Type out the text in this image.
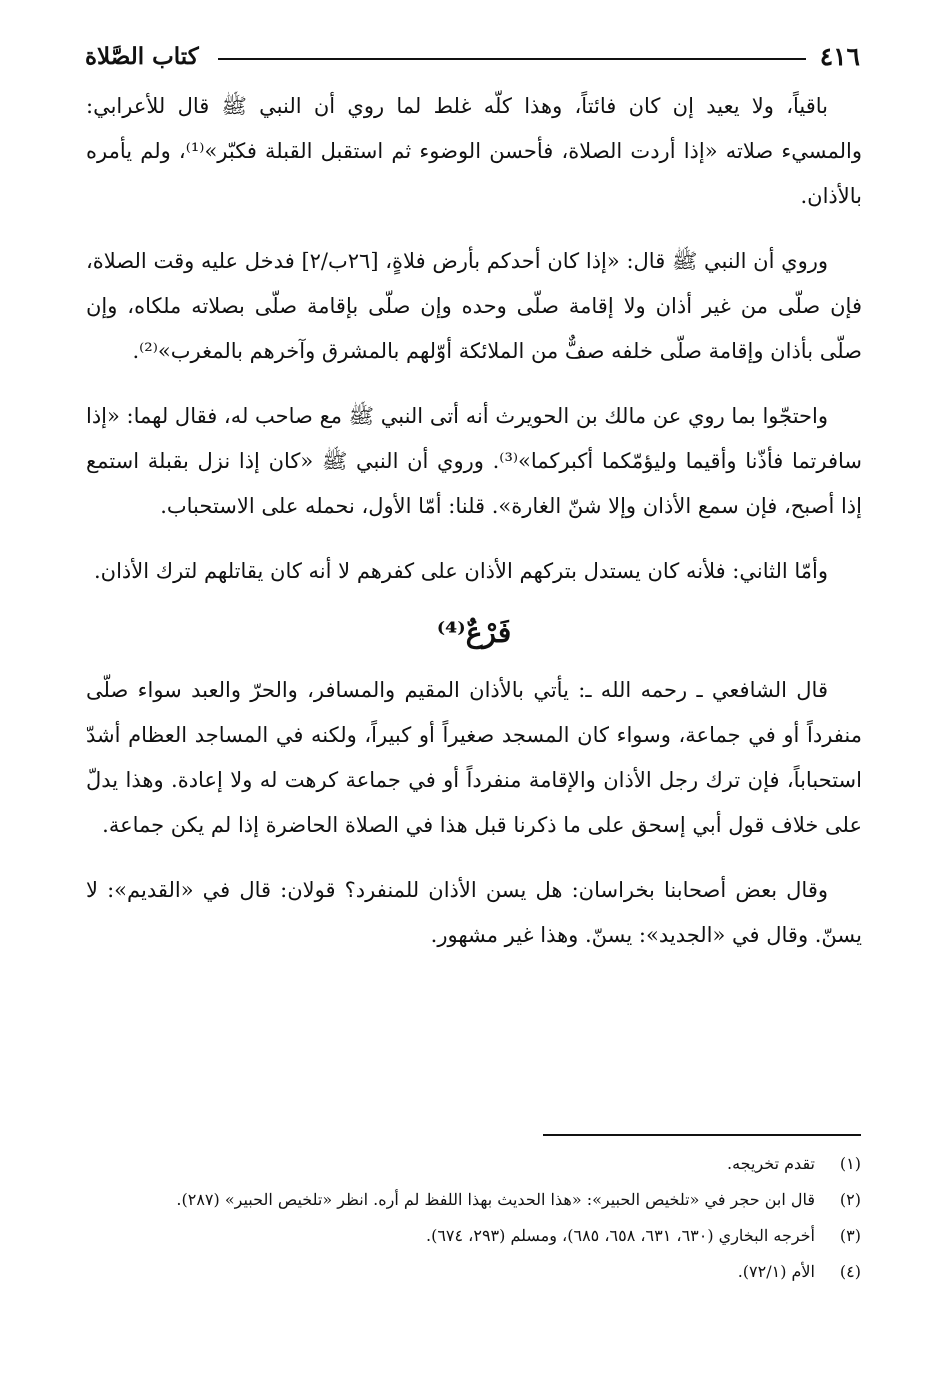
٤١٦
كتاب الصَّلاة

باقياً، ولا يعيد إن كان فائتاً، وهذا كلّه غلط لما روي أن النبي ﷺ قال للأعرابي: والمسيء صلاته «إذا أردت الصلاة، فأحسن الوضوء ثم استقبل القبلة فكبّر»⁽¹⁾، ولم يأمره بالأذان.

وروي أن النبي ﷺ قال: «إذا كان أحدكم بأرض فلاةٍ، [٢٦ب/٢] فدخل عليه وقت الصلاة، فإن صلّى من غير أذان ولا إقامة صلّى وحده وإن صلّى بإقامة صلّى بصلاته ملكاه، وإن صلّى بأذان وإقامة صلّى خلفه صفٌّ من الملائكة أوّلهم بالمشرق وآخرهم بالمغرب»⁽²⁾.

واحتجّوا بما روي عن مالك بن الحويرث أنه أتى النبي ﷺ مع صاحب له، فقال لهما: «إذا سافرتما فأذّنا وأقيما وليؤمّكما أكبركما»⁽³⁾. وروي أن النبي ﷺ «كان إذا نزل بقبلة استمع إذا أصبح، فإن سمع الأذان وإلا شنّ الغارة». قلنا: أمّا الأول، نحمله على الاستحباب.

وأمّا الثاني: فلأنه كان يستدل بتركهم الأذان على كفرهم لا أنه كان يقاتلهم لترك الأذان.

فَرْعٌ⁽⁴⁾

قال الشافعي ـ رحمه الله ـ: يأتي بالأذان المقيم والمسافر، والحرّ والعبد سواء صلّى منفرداً أو في جماعة، وسواء كان المسجد صغيراً أو كبيراً، ولكنه في المساجد العظام أشدّ استحباباً، فإن ترك رجل الأذان والإقامة منفرداً أو في جماعة كرهت له ولا إعادة. وهذا يدلّ على خلاف قول أبي إسحق على ما ذكرنا قبل هذا في الصلاة الحاضرة إذا لم يكن جماعة.

وقال بعض أصحابنا بخراسان: هل يسن الأذان للمنفرد؟ قولان: قال في «القديم»: لا يسنّ. وقال في «الجديد»: يسنّ. وهذا غير مشهور.

(١)
تقدم تخريجه.
(٢)
قال ابن حجر في «تلخيص الحبير»: «هذا الحديث بهذا اللفظ لم أره. انظر «تلخيص الحبير» (٢٨٧).
(٣)
أخرجه البخاري (٦٣٠، ٦٣١، ٦٥٨، ٦٨٥)، ومسلم (٢٩٣، ٦٧٤).
(٤)
الأم (٧٢/١).
